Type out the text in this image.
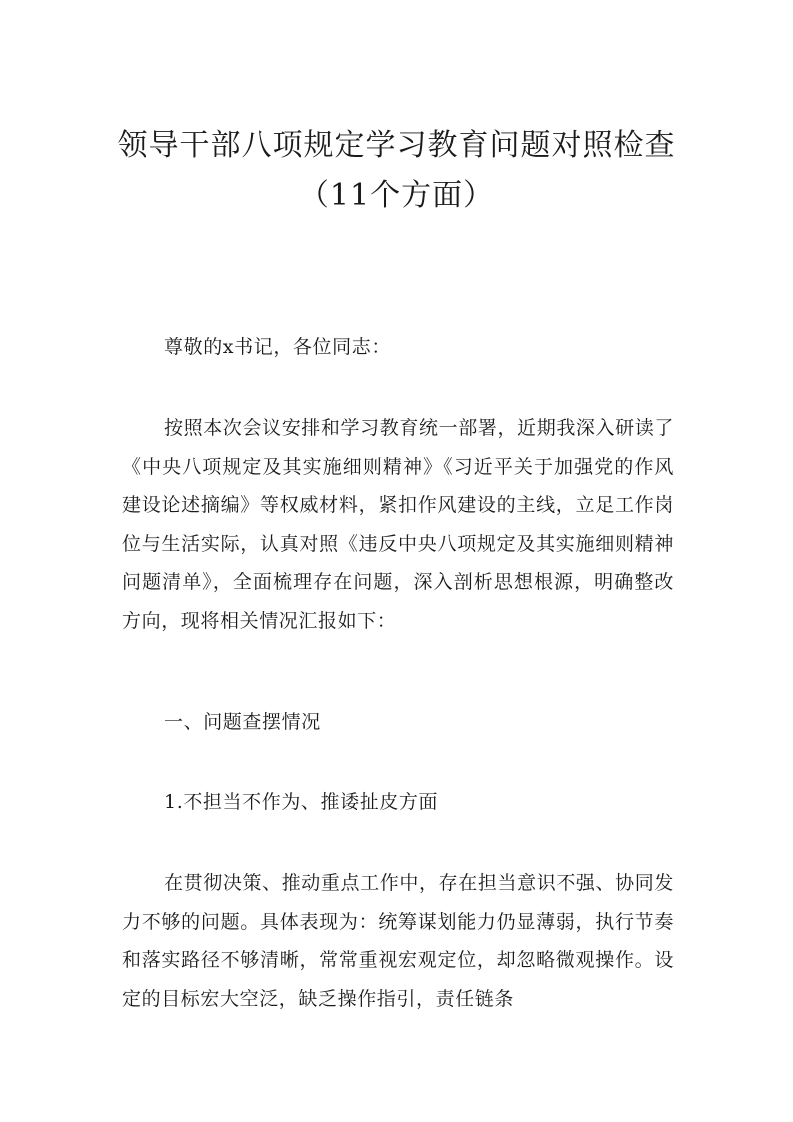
领导干部八项规定学习教育问题对照检查
（11个方面）

尊敬的x书记，各位同志：

按照本次会议安排和学习教育统一部署，近期我深入研读了《中央八项规定及其实施细则精神》《习近平关于加强党的作风建设论述摘编》等权威材料，紧扣作风建设的主线，立足工作岗位与生活实际，认真对照《违反中央八项规定及其实施细则精神问题清单》，全面梳理存在问题，深入剖析思想根源，明确整改方向，现将相关情况汇报如下：

一、问题查摆情况

1.不担当不作为、推诿扯皮方面

在贯彻决策、推动重点工作中，存在担当意识不强、协同发力不够的问题。具体表现为：统筹谋划能力仍显薄弱，执行节奏和落实路径不够清晰，常常重视宏观定位，却忽略微观操作。设定的目标宏大空泛，缺乏操作指引，责任链条
